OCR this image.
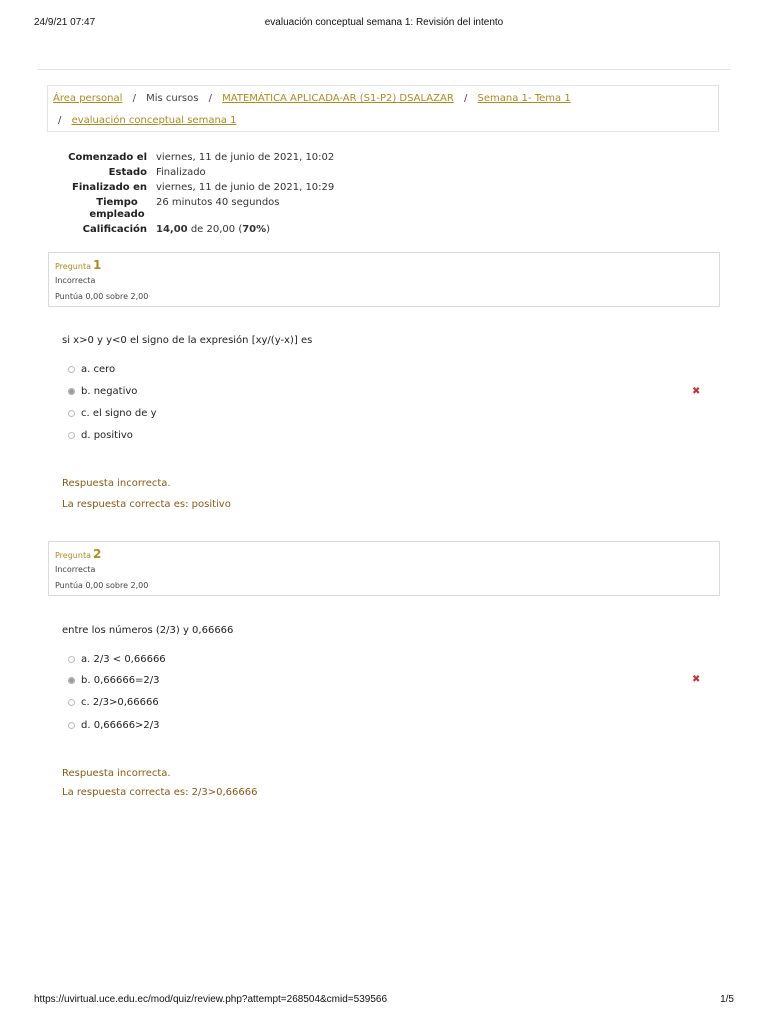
24/9/21 07:47	evaluación conceptual semana 1: Revisión del intento
Área personal / Mis cursos / MATEMÁTICA APLICADA-AR (S1-P2) DSALAZAR / Semana 1- Tema 1
/ evaluación conceptual semana 1
Comenzado el viernes, 11 de junio de 2021, 10:02
Estado Finalizado
Finalizado en viernes, 11 de junio de 2021, 10:29
Tiempo empleado
26 minutos 40 segundos
Calificación 14,00 de 20,00 (70%)
Pregunta 1
Incorrecta
Puntúa 0,00 sobre 2,00
si x>0 y y<0 el signo de la expresión [xy/(y-x)] es
a. cero
b. negativo	✖
c. el signo de y
d. positivo
Respuesta incorrecta.
La respuesta correcta es: positivo
Pregunta 2
Incorrecta
Puntúa 0,00 sobre 2,00
entre los números (2/3) y 0,66666
a. 2/3 < 0,66666
b. 0,66666=2/3	✖
c. 2/3>0,66666
d. 0,66666>2/3
Respuesta incorrecta.
La respuesta correcta es: 2/3>0,66666
https://uvirtual.uce.edu.ec/mod/quiz/review.php?attempt=268504&cmid=539566	1/5
